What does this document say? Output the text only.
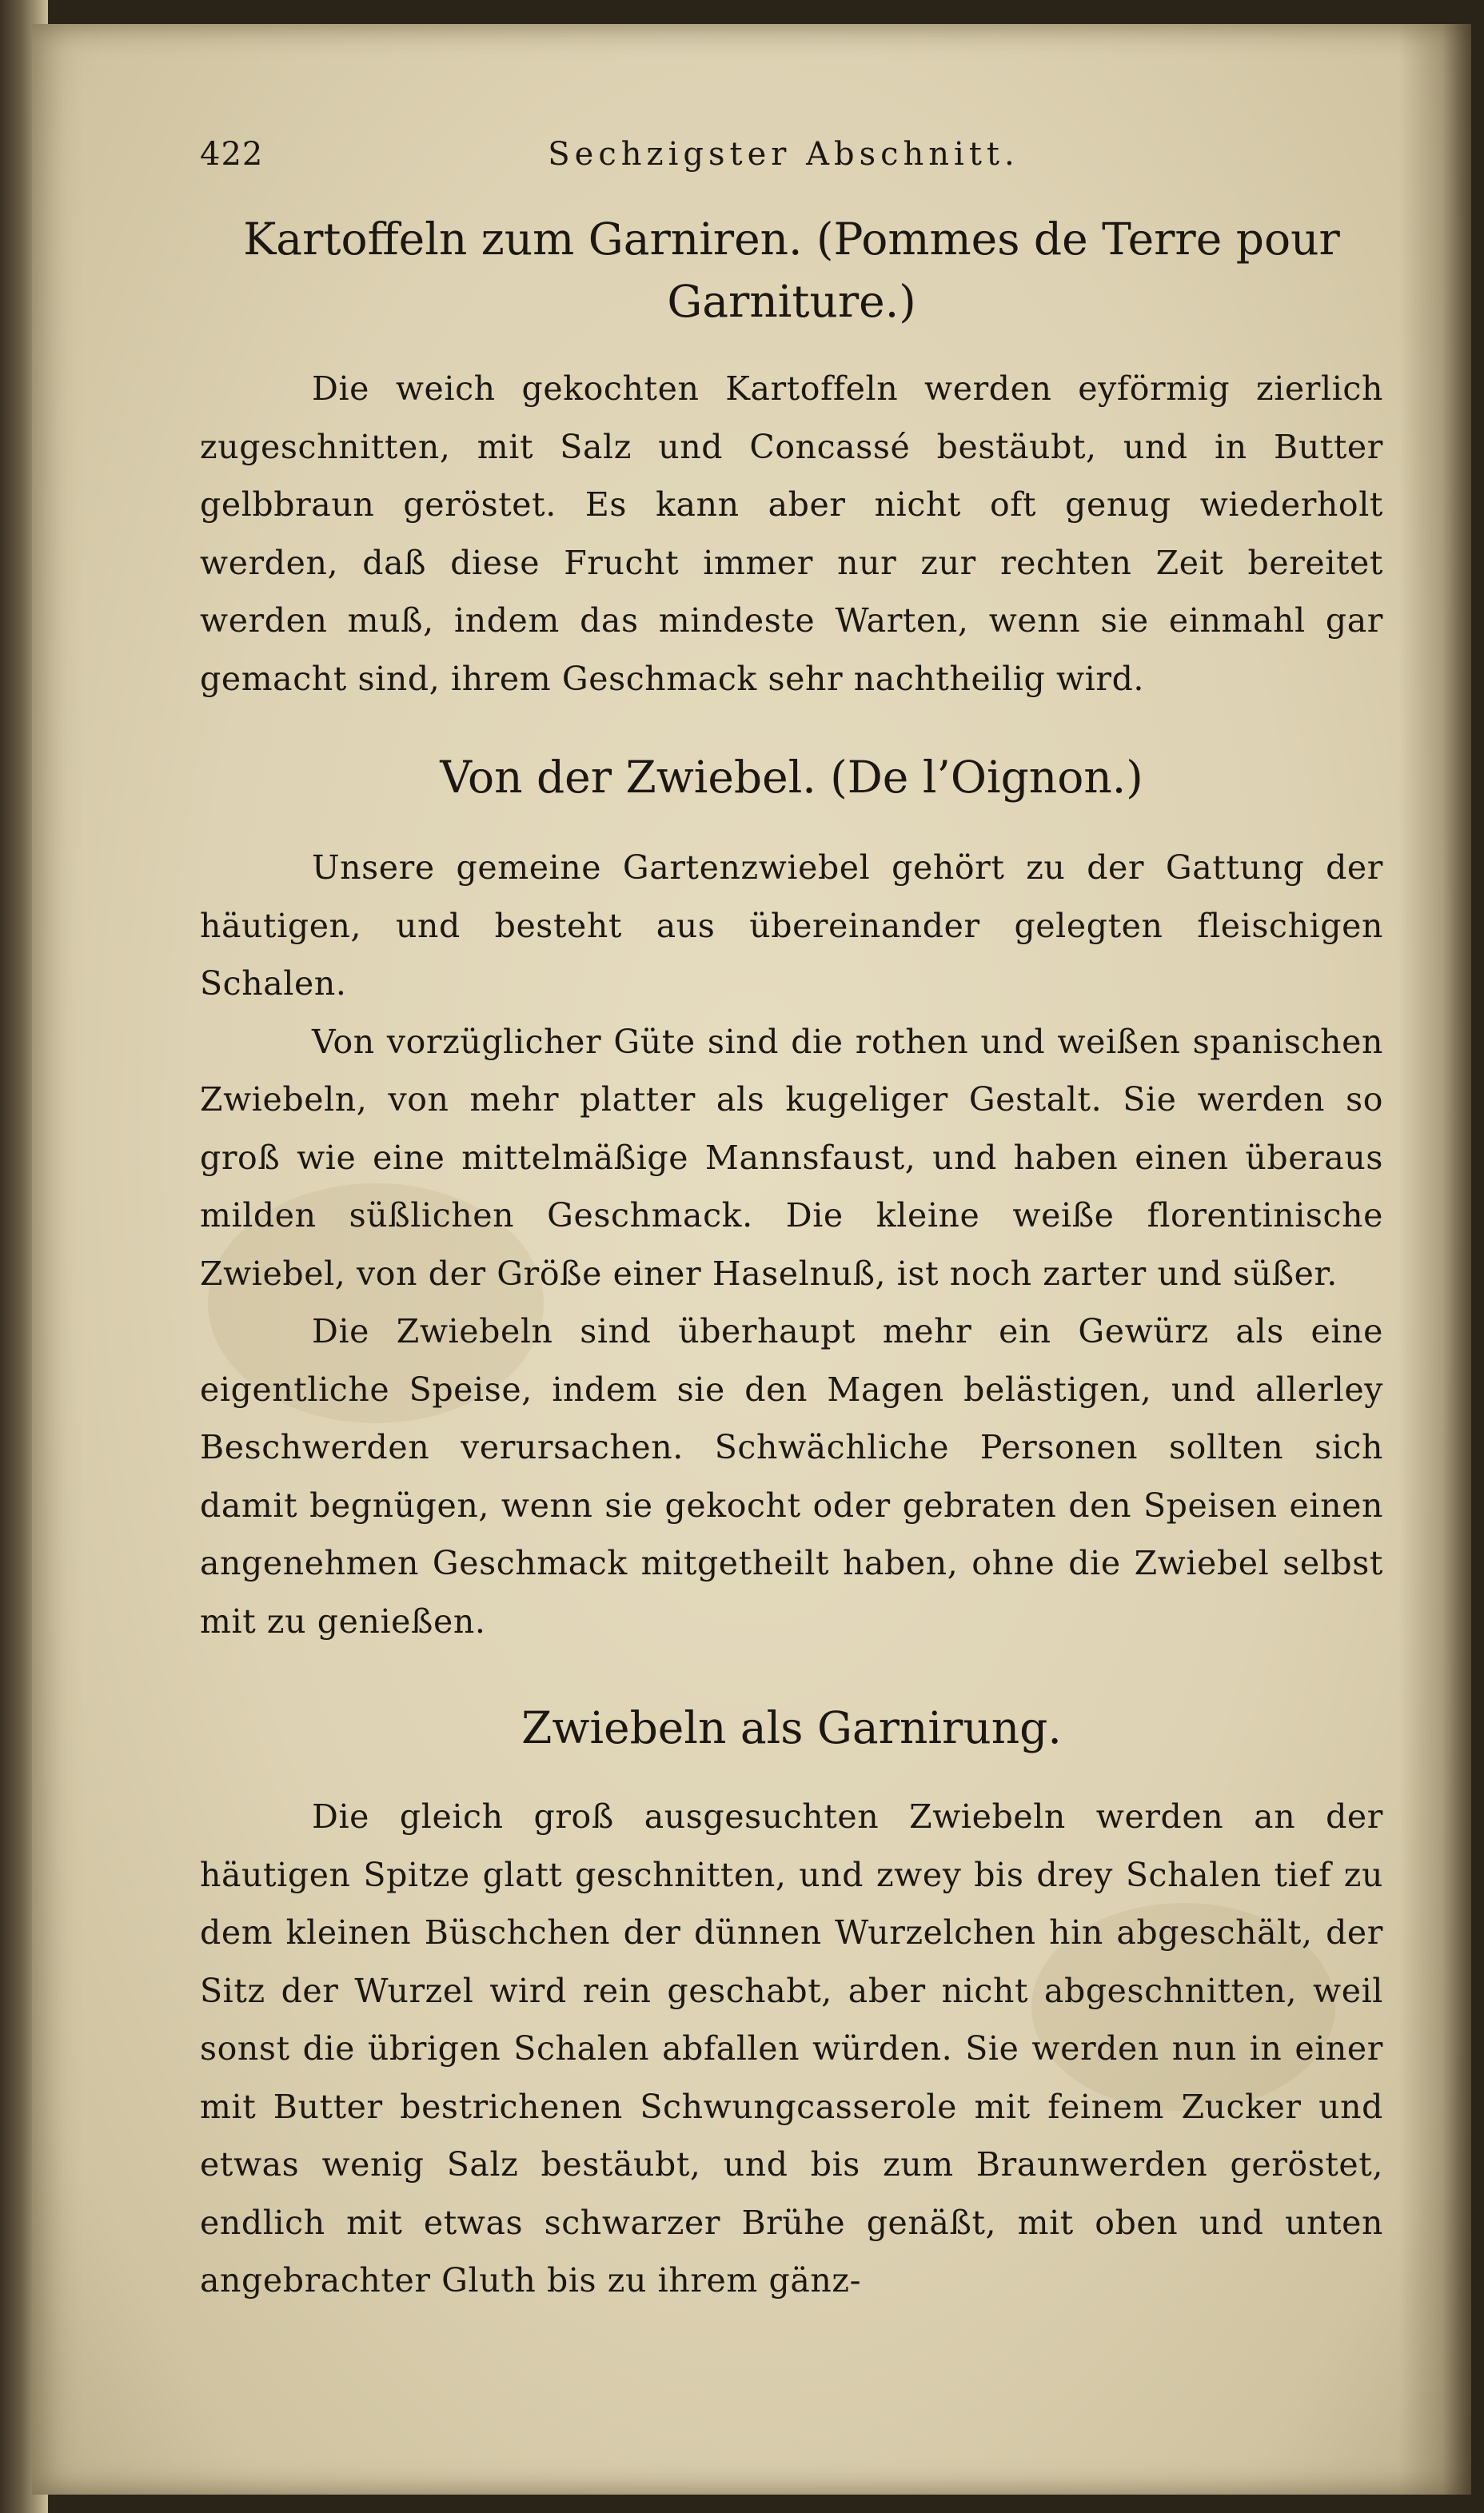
422	Sechzigster Abschnitt.
Kartoffeln zum Garniren. (Pommes de Terre pour Garniture.)

Die weich gekochten Kartoffeln werden eyförmig zierlich zugeschnitten, mit Salz und Concassé bestäubt, und in Butter gelbbraun geröstet. Es kann aber nicht oft genug wiederholt werden, daß diese Frucht immer nur zur rechten Zeit bereitet werden muß, indem das mindeste Warten, wenn sie einmahl gar gemacht sind, ihrem Geschmack sehr nachtheilig wird.

Von der Zwiebel. (De l’Oignon.)

Unsere gemeine Gartenzwiebel gehört zu der Gattung der häutigen, und besteht aus übereinander gelegten fleischigen Schalen.

Von vorzüglicher Güte sind die rothen und weißen spanischen Zwiebeln, von mehr platter als kugeliger Gestalt. Sie werden so groß wie eine mittelmäßige Mannsfaust, und haben einen überaus milden süßlichen Geschmack. Die kleine weiße florentinische Zwiebel, von der Größe einer Haselnuß, ist noch zarter und süßer.

Die Zwiebeln sind überhaupt mehr ein Gewürz als eine eigentliche Speise, indem sie den Magen belästigen, und allerley Beschwerden verursachen. Schwächliche Personen sollten sich damit begnügen, wenn sie gekocht oder gebraten den Speisen einen angenehmen Geschmack mitgetheilt haben, ohne die Zwiebel selbst mit zu genießen.

Zwiebeln als Garnirung.

Die gleich groß ausgesuchten Zwiebeln werden an der häutigen Spitze glatt geschnitten, und zwey bis drey Schalen tief zu dem kleinen Büschchen der dünnen Wurzelchen hin abgeschält, der Sitz der Wurzel wird rein geschabt, aber nicht abgeschnitten, weil sonst die übrigen Schalen abfallen würden. Sie werden nun in einer mit Butter bestrichenen Schwungcasserole mit feinem Zucker und etwas wenig Salz bestäubt, und bis zum Braunwerden geröstet, endlich mit etwas schwarzer Brühe genäßt, mit oben und unten angebrachter Gluth bis zu ihrem gänz-
